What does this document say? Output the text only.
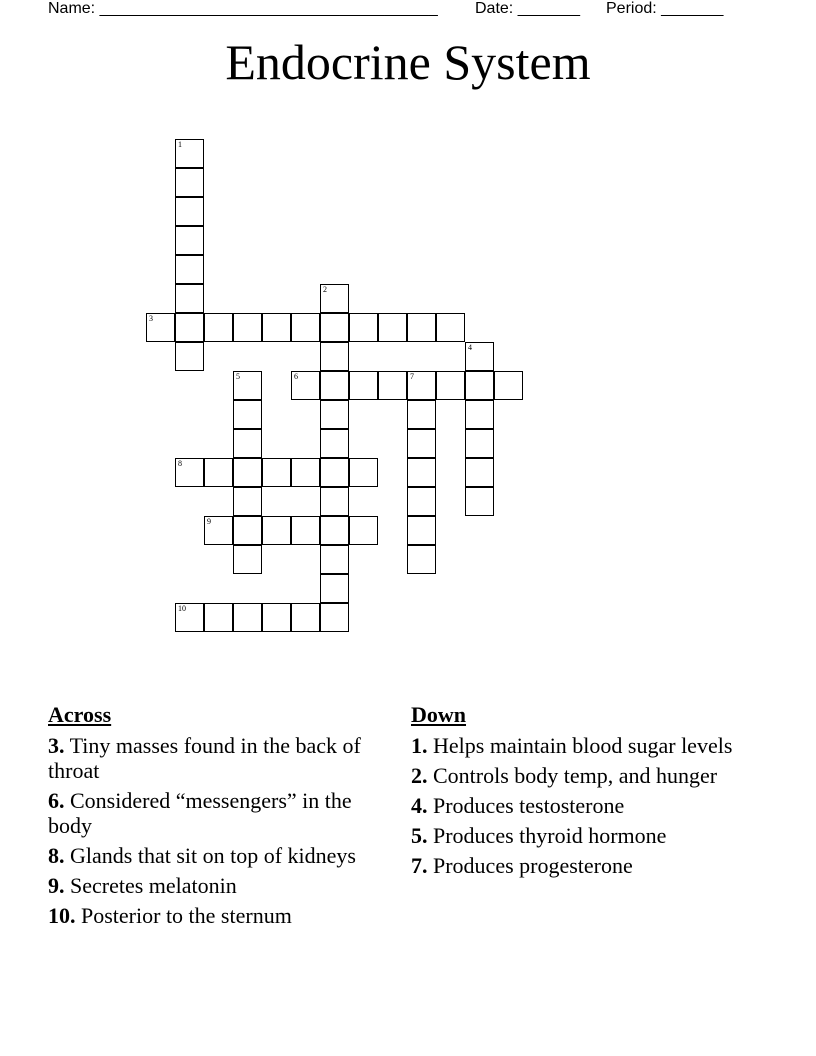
Name: ______________________________________

Date: _______

Period: _______

Endocrine System
1
2
3
4
5	6	7
8
9
10
Across
3. Tiny masses found in the back of throat
6. Considered “messengers” in the body
8. Glands that sit on top of kidneys
9. Secretes melatonin
10. Posterior to the sternum
Down
1. Helps maintain blood sugar levels
2. Controls body temp, and hunger
4. Produces testosterone
5. Produces thyroid hormone
7. Produces progesterone
